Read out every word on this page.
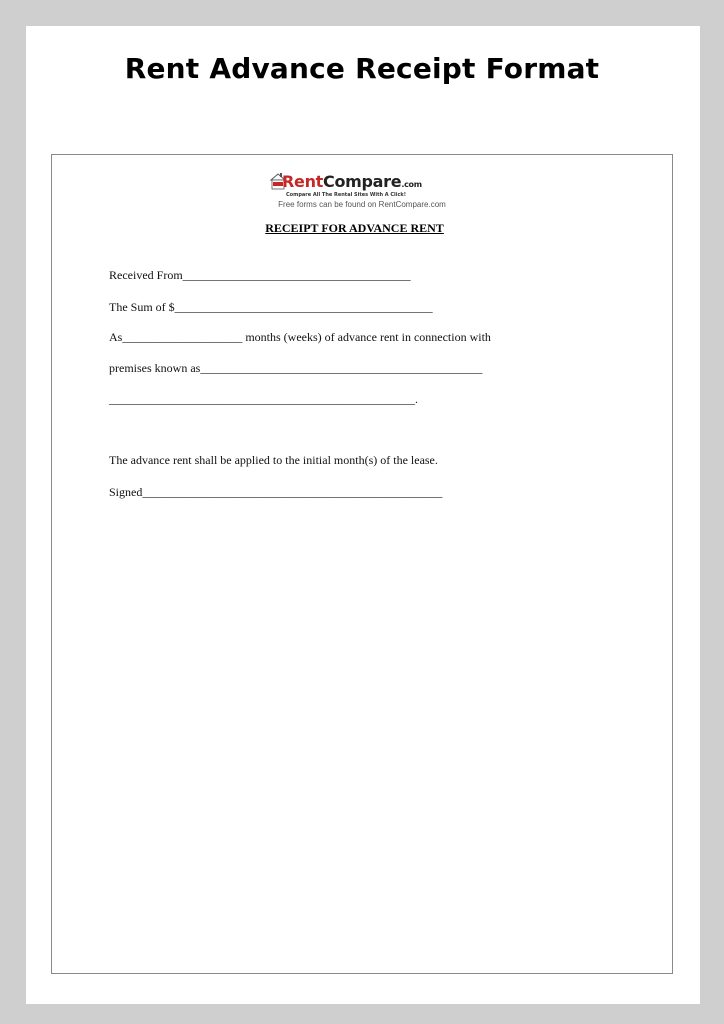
Rent Advance Receipt Format
RentCompare.com
Compare All The Rental Sites With A Click!
Free forms can be found on RentCompare.com
RECEIPT FOR ADVANCE RENT
Received From______________________________________
The Sum of $___________________________________________
As____________________ months (weeks) of advance rent in connection with
premises known as_______________________________________________
___________________________________________________.
The advance rent shall be applied to the initial month(s) of the lease.
Signed__________________________________________________
